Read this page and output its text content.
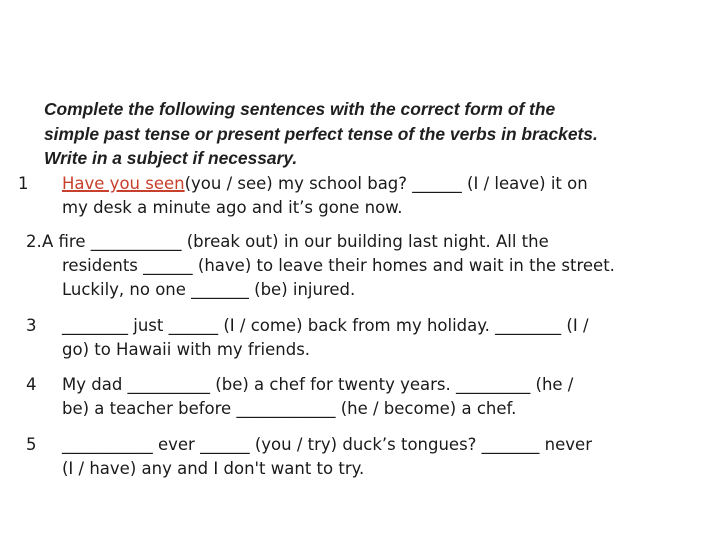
Complete the following sentences with the correct form of the
simple past tense or present perfect tense of the verbs in brackets.
Write in a subject if necessary.
1 Have you seen(you / see) my school bag? ______ (I / leave) it on
my desk a minute ago and it’s gone now.
2. A fire ___________ (break out) in our building last night. All the
residents ______ (have) to leave their homes and wait in the street.
Luckily, no one _______ (be) injured.
3 ________ just ______ (I / come) back from my holiday. ________ (I /
go) to Hawaii with my friends.
4 My dad __________ (be) a chef for twenty years. _________ (he /
be) a teacher before ____________ (he / become) a chef.
5 ___________ ever ______ (you / try) duck’s tongues? _______ never
(I / have) any and I don't want to try.
